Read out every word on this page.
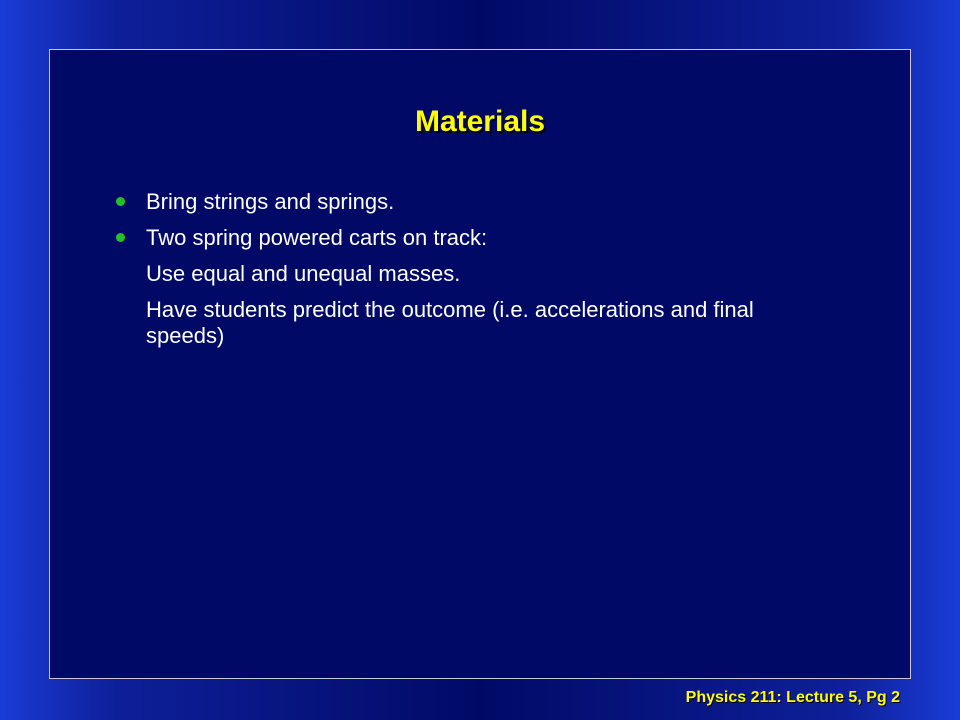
Materials
Bring strings and springs.
Two spring powered carts on track:
Use equal and unequal masses.
Have students predict the outcome (i.e. accelerations and final speeds)
Physics 211: Lecture 5, Pg 2
